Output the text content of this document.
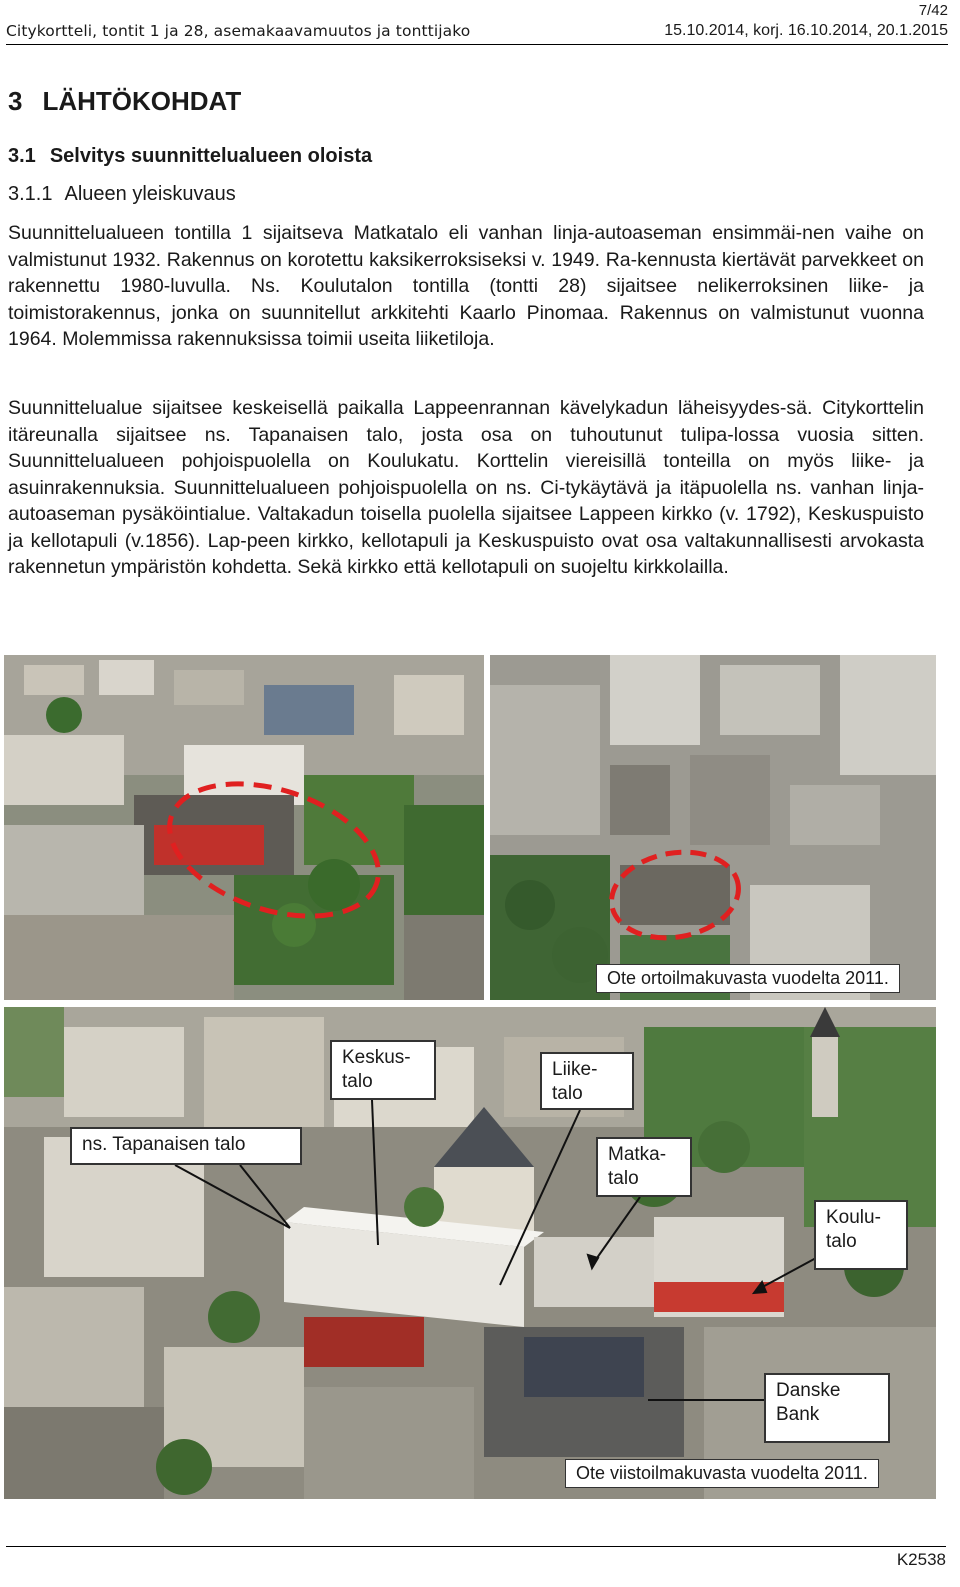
7/42
Citykortteli, tontit 1 ja 28, asemakaavamuutos ja tonttijako	15.10.2014, korj. 16.10.2014, 20.1.2015
3 LÄHTÖKOHDAT
3.1 Selvitys suunnittelualueen oloista
3.1.1 Alueen yleiskuvaus

Suunnittelualueen tontilla 1 sijaitseva Matkatalo eli vanhan linja-autoaseman ensimmäi-nen vaihe on valmistunut 1932. Rakennus on korotettu kaksikerroksiseksi v. 1949. Ra-kennusta kiertävät parvekkeet on rakennettu 1980-luvulla. Ns. Koulutalon tontilla (tontti 28) sijaitsee nelikerroksinen liike- ja toimistorakennus, jonka on suunnitellut arkkitehti Kaarlo Pinomaa. Rakennus on valmistunut vuonna 1964. Molemmissa rakennuksissa toimii useita liiketiloja.

Suunnittelualue sijaitsee keskeisellä paikalla Lappeenrannan kävelykadun läheisyydes-sä. Citykorttelin itäreunalla sijaitsee ns. Tapanaisen talo, josta osa on tuhoutunut tulipa-lossa vuosia sitten. Suunnittelualueen pohjoispuolella on Koulukatu. Korttelin viereisillä tonteilla on myös liike- ja asuinrakennuksia. Suunnittelualueen pohjoispuolella on ns. Ci-tykäytävä ja itäpuolella ns. vanhan linja-autoaseman pysäköintialue. Valtakadun toisella puolella sijaitsee Lappeen kirkko (v. 1792), Keskuspuisto ja kellotapuli (v.1856). Lap-peen kirkko, kellotapuli ja Keskuspuisto ovat osa valtakunnallisesti arvokasta rakennetun ympäristön kohdetta. Sekä kirkko että kellotapuli on suojeltu kirkkolailla.

Ote ortoilmakuvasta vuodelta 2011.
Keskus-talo
Liike-talo
ns. Tapanaisen talo	Matka-talo
Koulu-talo
Danske Bank
Ote viistoilmakuvasta vuodelta 2011.
K2538
